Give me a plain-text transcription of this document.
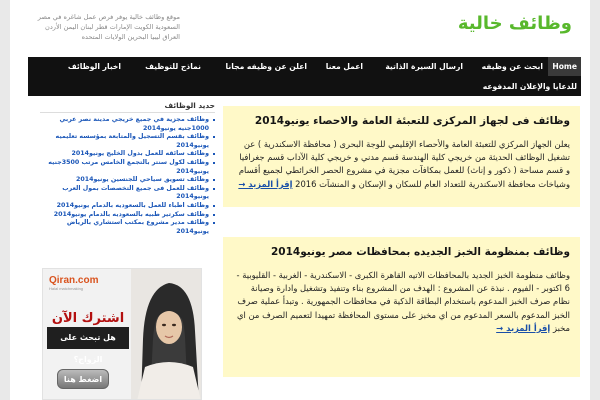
وظائف خالية
موقع وظائف خالية يوفر فرص عمل شاغره في مصر السعودية الكويت الإمارات قطر لبنان اليمن الأردن العراق ليبيا البحرين الولايات المتحده
Home
ابحث عن وظيفه
ارسال السيرة الذاتية
اعمل معنا
اعلن عن وظيفه مجانا
نماذج للتوظيف
اخبار الوظائف
للدعايا والإعلان المدفوعه
وظائف فى لجهاز المركزى للتعبئة العامة والاحصاء يونيو2014
يعلن الجهاز المركزي للتعبئة العامة والأحصاء الإقليمي للوجة البحرى ( محافظة الاسكندرية ) عن تشغيل الوظائف الحديثة من خريجي كلية الهندسة قسم مدني و خريجي كلية الآداب قسم جغرافيا و قسم مساحة ( ذكور و إناث) للعمل بمكافآت مجزية في مشروع الحصر الخرائطي لجميع أقسام وشياخات محافظة الاسكندرية للتعداد العام للسكان و الإسكان و المنشآت 2016 إقرأ المزيد →
وظائف بمنظومة الخبز الجديده بمحافظات مصر يونيو2014
وظائف منظومة الخبز الجديد بالمحافظات الاتيه القاهرة الكبرى - الاسكندرية - الغربية - القليوبية - 6 اكتوبر - الفيوم . نبذة عن المشروع : الهدف من المشروع بناء وتنفيذ وتشغيل وادارة وصيانة نظام صرف الخبز المدعوم باستخدام البطاقة الذكية في محافظات الجمهورية . وتبدأ عملية صرف الخبز المدعوم بالسعر المدعوم من اي مخبز على مستوى المحافظة تمهيدا لتعميم الصرف من اي مخبز إقرأ المزيد →
حديد الوظائف
وظائف مجزية في جميع خريجي مدينة نصر عربي 1000جنيه يونيو2014
وظائف بقسم التسجيل والمتابعة بمؤسسه تعليميه يونيو2014
وظائف سائقه للعمل بدول الخليج يونيو2014
وظائف لكول سنتر بالتجمع الخامس مرتب 3500جنيه يونيو2014
وظائف تسويق سياحي للجنسين يونيو2014
وظائف للعمل فى جميع التخصصات بمول العرب يونيو2014
وظائف اطباء للعمل بالسعوديه بالدمام يونيو2014
وظائف سكرتير طبيه بالسعوديه بالدمام يونيو2014
وظائف مدير مشروع بمكتب استشاري بالرياض يونيو2014
Qiran.com
Halal matchmaking
اشترك الآن
هل تبحث على الزواج؟
اضغط هنا
